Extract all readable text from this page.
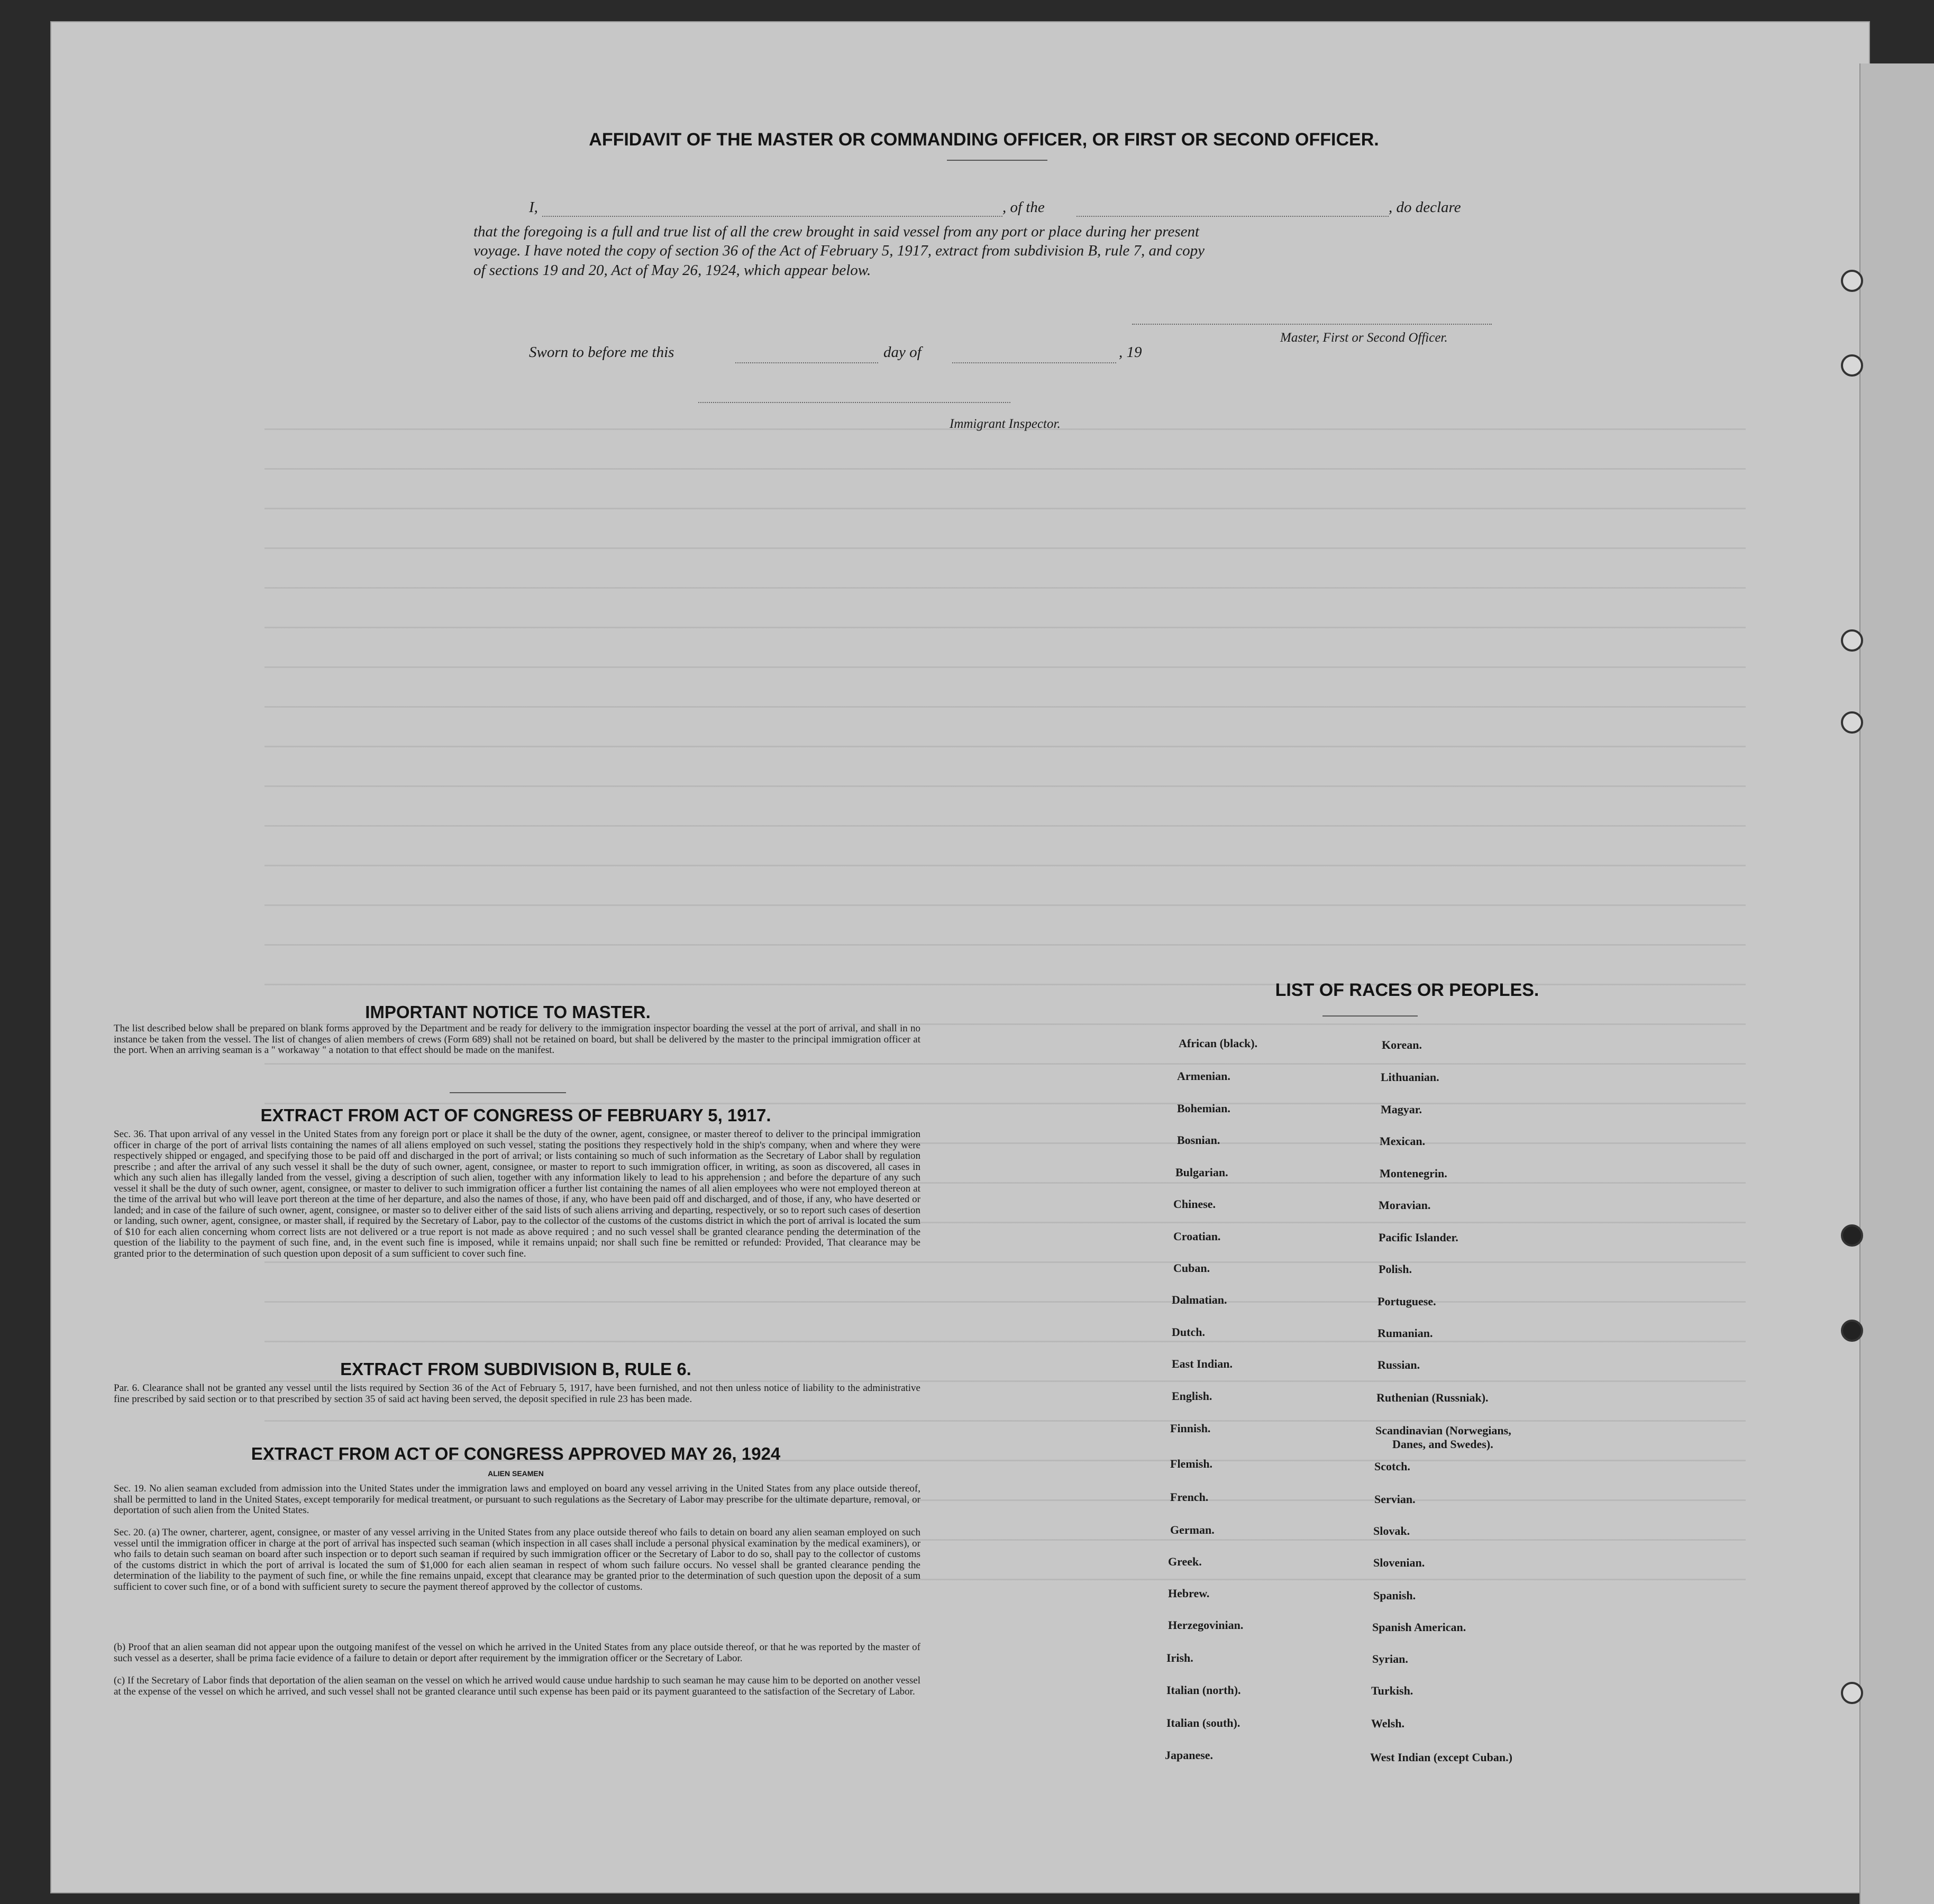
AFFIDAVIT OF THE MASTER OR COMMANDING OFFICER, OR FIRST OR SECOND OFFICER.
I,	, of the	, do declare
that the foregoing is a full and true list of all the crew brought in said vessel from any port or place during her present
voyage. I have noted the copy of section 36 of the Act of February 5, 1917, extract from subdivision B, rule 7, and copy
of sections 19 and 20, Act of May 26, 1924, which appear below.
Master, First or Second Officer.
Sworn to before me this	day of	, 19
Immigrant Inspector.
IMPORTANT NOTICE TO MASTER.
The list described below shall be prepared on blank forms approved by the Department and be ready for delivery to the immigration inspector boarding the vessel at the port of arrival, and shall in no instance be taken from the vessel. The list of changes of alien members of crews (Form 689) shall not be retained on board, but shall be delivered by the master to the principal immigration officer at the port. When an arriving seaman is a " workaway " a notation to that effect should be made on the manifest.
EXTRACT FROM ACT OF CONGRESS OF FEBRUARY 5, 1917.
Sec. 36. That upon arrival of any vessel in the United States from any foreign port or place it shall be the duty of the owner, agent, consignee, or master thereof to deliver to the principal immigration officer in charge of the port of arrival lists containing the names of all aliens employed on such vessel, stating the positions they respectively hold in the ship's company, when and where they were respectively shipped or engaged, and specifying those to be paid off and discharged in the port of arrival; or lists containing so much of such information as the Secretary of Labor shall by regulation prescribe ; and after the arrival of any such vessel it shall be the duty of such owner, agent, consignee, or master to report to such immigration officer, in writing, as soon as discovered, all cases in which any such alien has illegally landed from the vessel, giving a description of such alien, together with any information likely to lead to his apprehension ; and before the departure of any such vessel it shall be the duty of such owner, agent, consignee, or master to deliver to such immigration officer a further list containing the names of all alien employees who were not employed thereon at the time of the arrival but who will leave port thereon at the time of her departure, and also the names of those, if any, who have been paid off and discharged, and of those, if any, who have deserted or landed; and in case of the failure of such owner, agent, consignee, or master so to deliver either of the said lists of such aliens arriving and departing, respectively, or so to report such cases of desertion or landing, such owner, agent, consignee, or master shall, if required by the Secretary of Labor, pay to the collector of the customs of the customs district in which the port of arrival is located the sum of $10 for each alien concerning whom correct lists are not delivered or a true report is not made as above required ; and no such vessel shall be granted clearance pending the determination of the question of the liability to the payment of such fine, and, in the event such fine is imposed, while it remains unpaid; nor shall such fine be remitted or refunded: Provided, That clearance may be granted prior to the determination of such question upon deposit of a sum sufficient to cover such fine.
EXTRACT FROM SUBDIVISION B, RULE 6.
Par. 6. Clearance shall not be granted any vessel until the lists required by Section 36 of the Act of February 5, 1917, have been furnished, and not then unless notice of liability to the administrative fine prescribed by said section or to that prescribed by section 35 of said act having been served, the deposit specified in rule 23 has been made.
EXTRACT FROM ACT OF CONGRESS APPROVED MAY 26, 1924
ALIEN SEAMEN
Sec. 19. No alien seaman excluded from admission into the United States under the immigration laws and employed on board any vessel arriving in the United States from any place outside thereof, shall be permitted to land in the United States, except temporarily for medical treatment, or pursuant to such regulations as the Secretary of Labor may prescribe for the ultimate departure, removal, or deportation of such alien from the United States.
Sec. 20. (a) The owner, charterer, agent, consignee, or master of any vessel arriving in the United States from any place outside thereof who fails to detain on board any alien seaman employed on such vessel until the immigration officer in charge at the port of arrival has inspected such seaman (which inspection in all cases shall include a personal physical examination by the medical examiners), or who fails to detain such seaman on board after such inspection or to deport such seaman if required by such immigration officer or the Secretary of Labor to do so, shall pay to the collector of customs of the customs district in which the port of arrival is located the sum of $1,000 for each alien seaman in respect of whom such failure occurs. No vessel shall be granted clearance pending the determination of the liability to the payment of such fine, or while the fine remains unpaid, except that clearance may be granted prior to the determination of such question upon the deposit of a sum sufficient to cover such fine, or of a bond with sufficient surety to secure the payment thereof approved by the collector of customs.
(b) Proof that an alien seaman did not appear upon the outgoing manifest of the vessel on which he arrived in the United States from any place outside thereof, or that he was reported by the master of such vessel as a deserter, shall be prima facie evidence of a failure to detain or deport after requirement by the immigration officer or the Secretary of Labor.
(c) If the Secretary of Labor finds that deportation of the alien seaman on the vessel on which he arrived would cause undue hardship to such seaman he may cause him to be deported on another vessel at the expense of the vessel on which he arrived, and such vessel shall not be granted clearance until such expense has been paid or its payment guaranteed to the satisfaction of the Secretary of Labor.
LIST OF RACES OR PEOPLES.
African (black).
Armenian.
Bohemian.
Bosnian.
Bulgarian.
Chinese.
Croatian.
Cuban.
Dalmatian.
Dutch.
East Indian.
English.
Finnish.
Flemish.
French.
German.
Greek.
Hebrew.
Herzegovinian.
Irish.
Italian (north).
Italian (south).
Japanese.
Korean.
Lithuanian.
Magyar.
Mexican.
Montenegrin.
Moravian.
Pacific Islander.
Polish.
Portuguese.
Rumanian.
Russian.
Ruthenian (Russniak).
Scandinavian (Norwegians,
Danes, and Swedes).
Scotch.
Servian.
Slovak.
Slovenian.
Spanish.
Spanish American.
Syrian.
Turkish.
Welsh.
West Indian (except Cuban.)
